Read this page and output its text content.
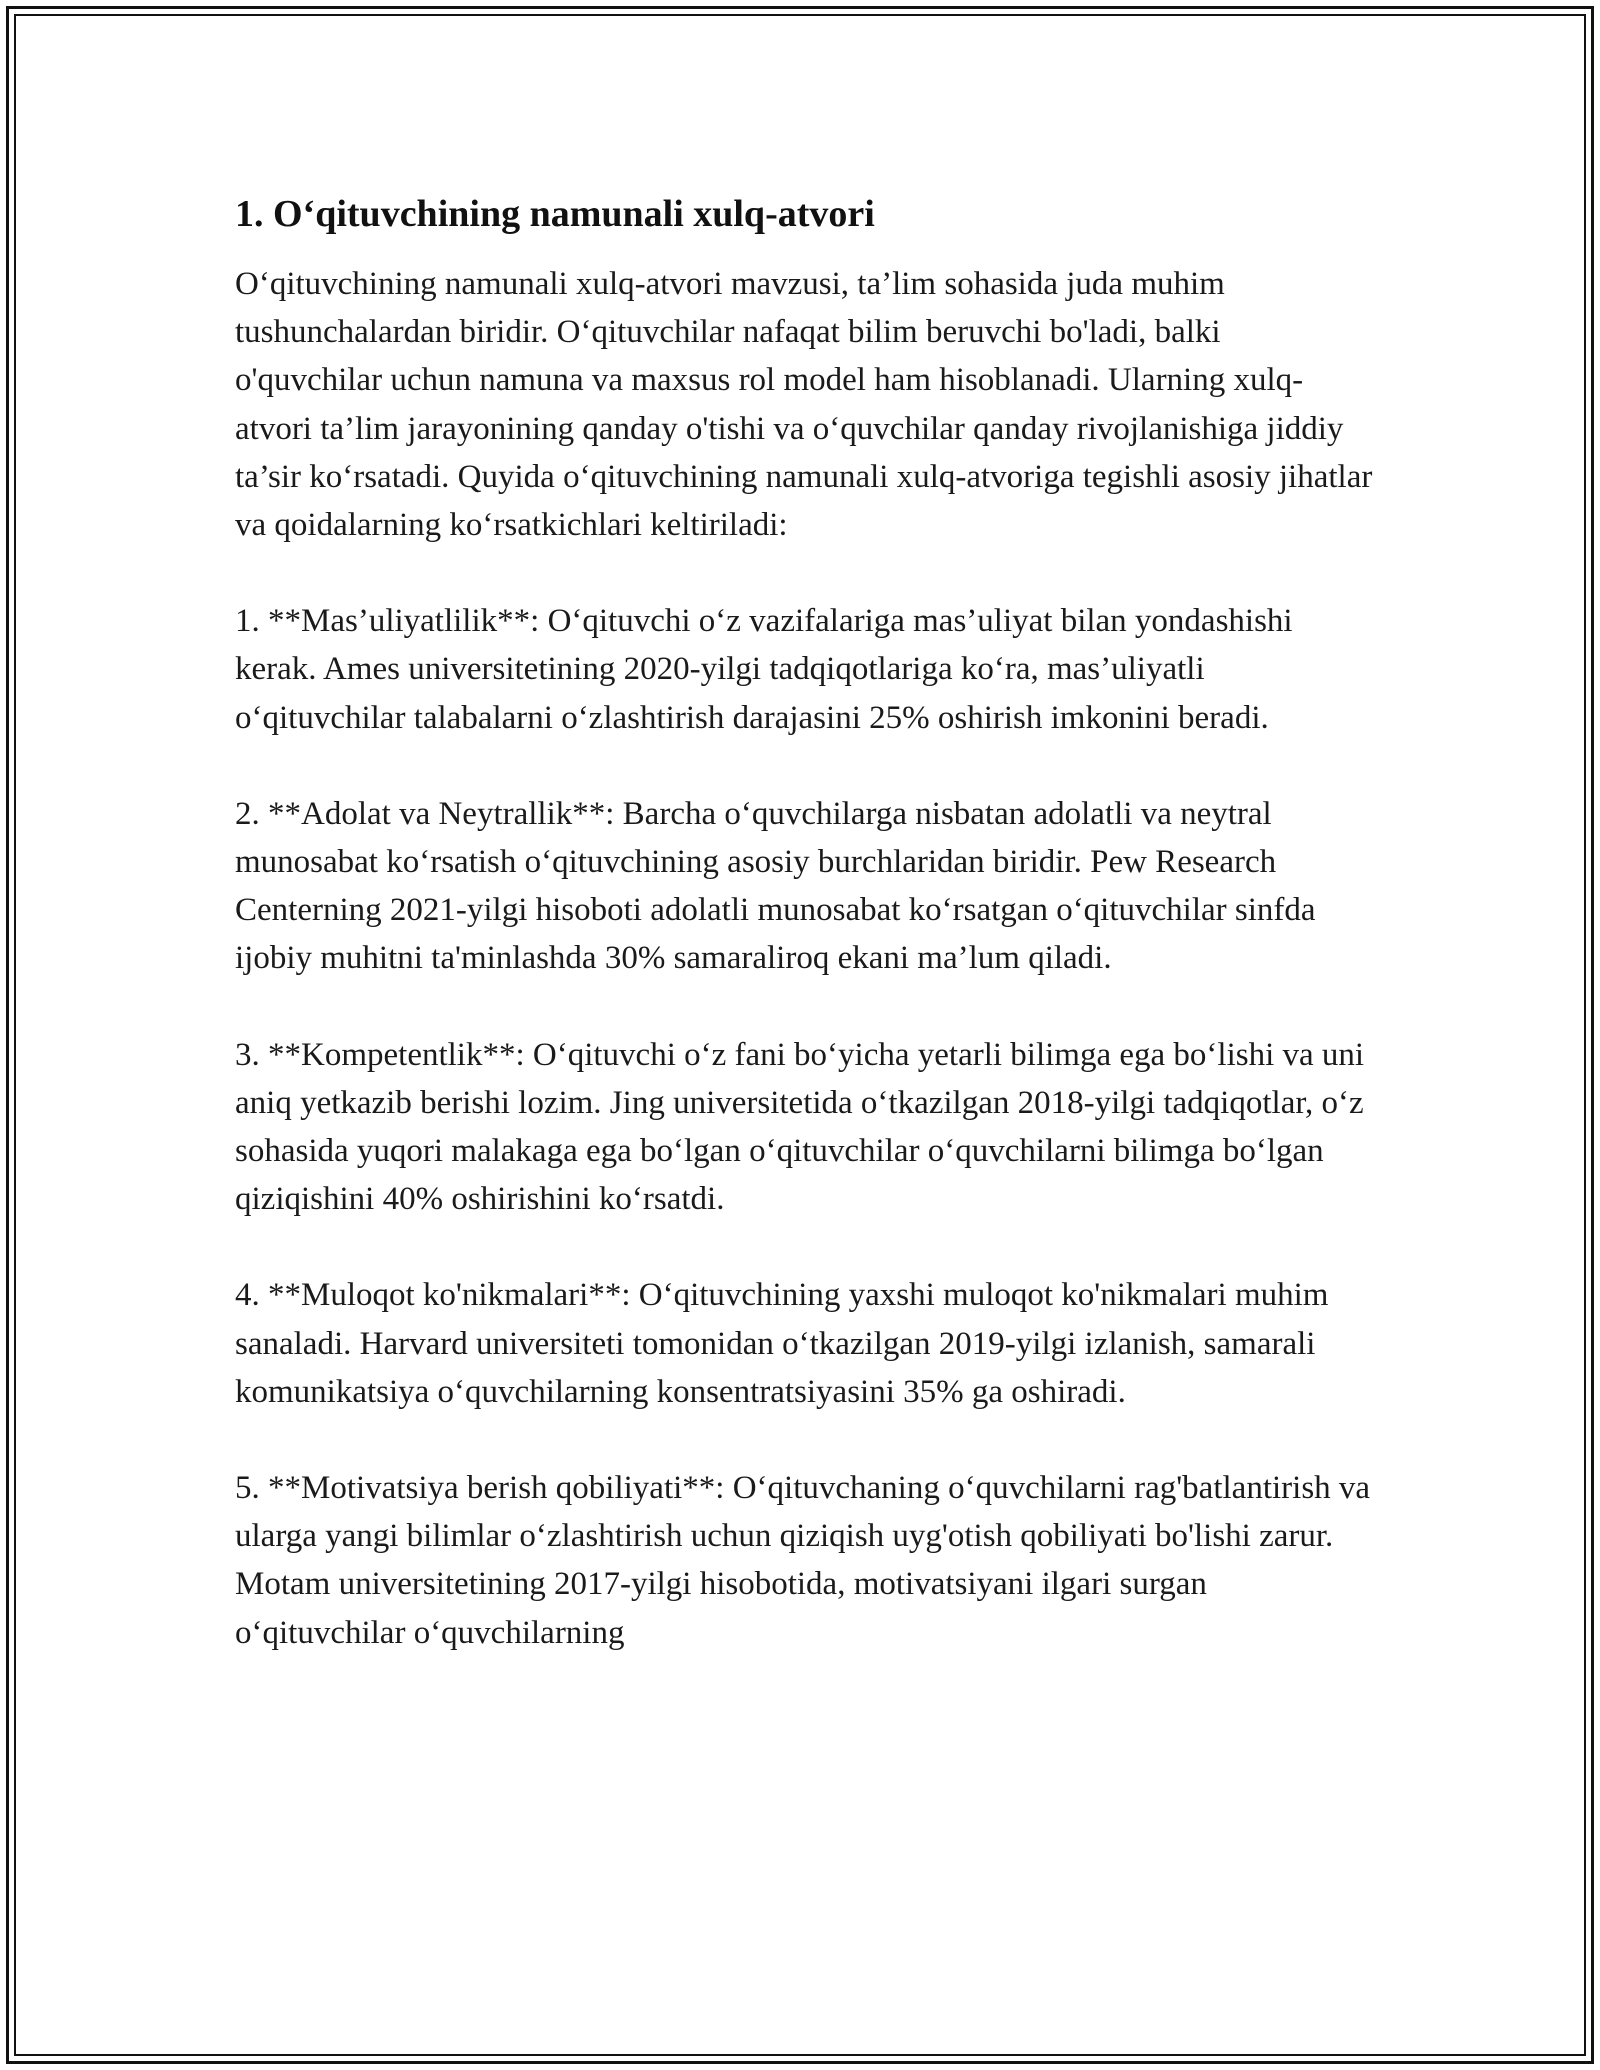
1. Oʻqituvchining namunali xulq-atvori

Oʻqituvchining namunali xulq-atvori mavzusi, ta’lim sohasida juda muhim tushunchalardan biridir. Oʻqituvchilar nafaqat bilim beruvchi bo'ladi, balki o'quvchilar uchun namuna va maxsus rol model ham hisoblanadi. Ularning xulq-atvori ta’lim jarayonining qanday o'tishi va oʻquvchilar qanday rivojlanishiga jiddiy ta’sir koʻrsatadi. Quyida oʻqituvchining namunali xulq-atvoriga tegishli asosiy jihatlar va qoidalarning koʻrsatkichlari keltiriladi:

1. **Mas’uliyatlilik**: Oʻqituvchi oʻz vazifalariga mas’uliyat bilan yondashishi kerak. Ames universitetining 2020-yilgi tadqiqotlariga koʻra, mas’uliyatli oʻqituvchilar talabalarni oʻzlashtirish darajasini 25% oshirish imkonini beradi.

2. **Adolat va Neytrallik**: Barcha oʻquvchilarga nisbatan adolatli va neytral munosabat koʻrsatish oʻqituvchining asosiy burchlaridan biridir. Pew Research Centerning 2021-yilgi hisoboti adolatli munosabat koʻrsatgan oʻqituvchilar sinfda ijobiy muhitni ta'minlashda 30% samaraliroq ekani ma’lum qiladi.

3. **Kompetentlik**: Oʻqituvchi oʻz fani boʻyicha yetarli bilimga ega boʻlishi va uni aniq yetkazib berishi lozim. Jing universitetida oʻtkazilgan 2018-yilgi tadqiqotlar, oʻz sohasida yuqori malakaga ega boʻlgan oʻqituvchilar oʻquvchilarni bilimga boʻlgan qiziqishini 40% oshirishini koʻrsatdi.

4. **Muloqot ko'nikmalari**: Oʻqituvchining yaxshi muloqot ko'nikmalari muhim sanaladi. Harvard universiteti tomonidan oʻtkazilgan 2019-yilgi izlanish, samarali komunikatsiya oʻquvchilarning konsentratsiyasini 35% ga oshiradi.

5. **Motivatsiya berish qobiliyati**: Oʻqituvchaning oʻquvchilarni rag'batlantirish va ularga yangi bilimlar oʻzlashtirish uchun qiziqish uyg'otish qobiliyati bo'lishi zarur. Motam universitetining 2017-yilgi hisobotida, motivatsiyani ilgari surgan oʻqituvchilar oʻquvchilarning
